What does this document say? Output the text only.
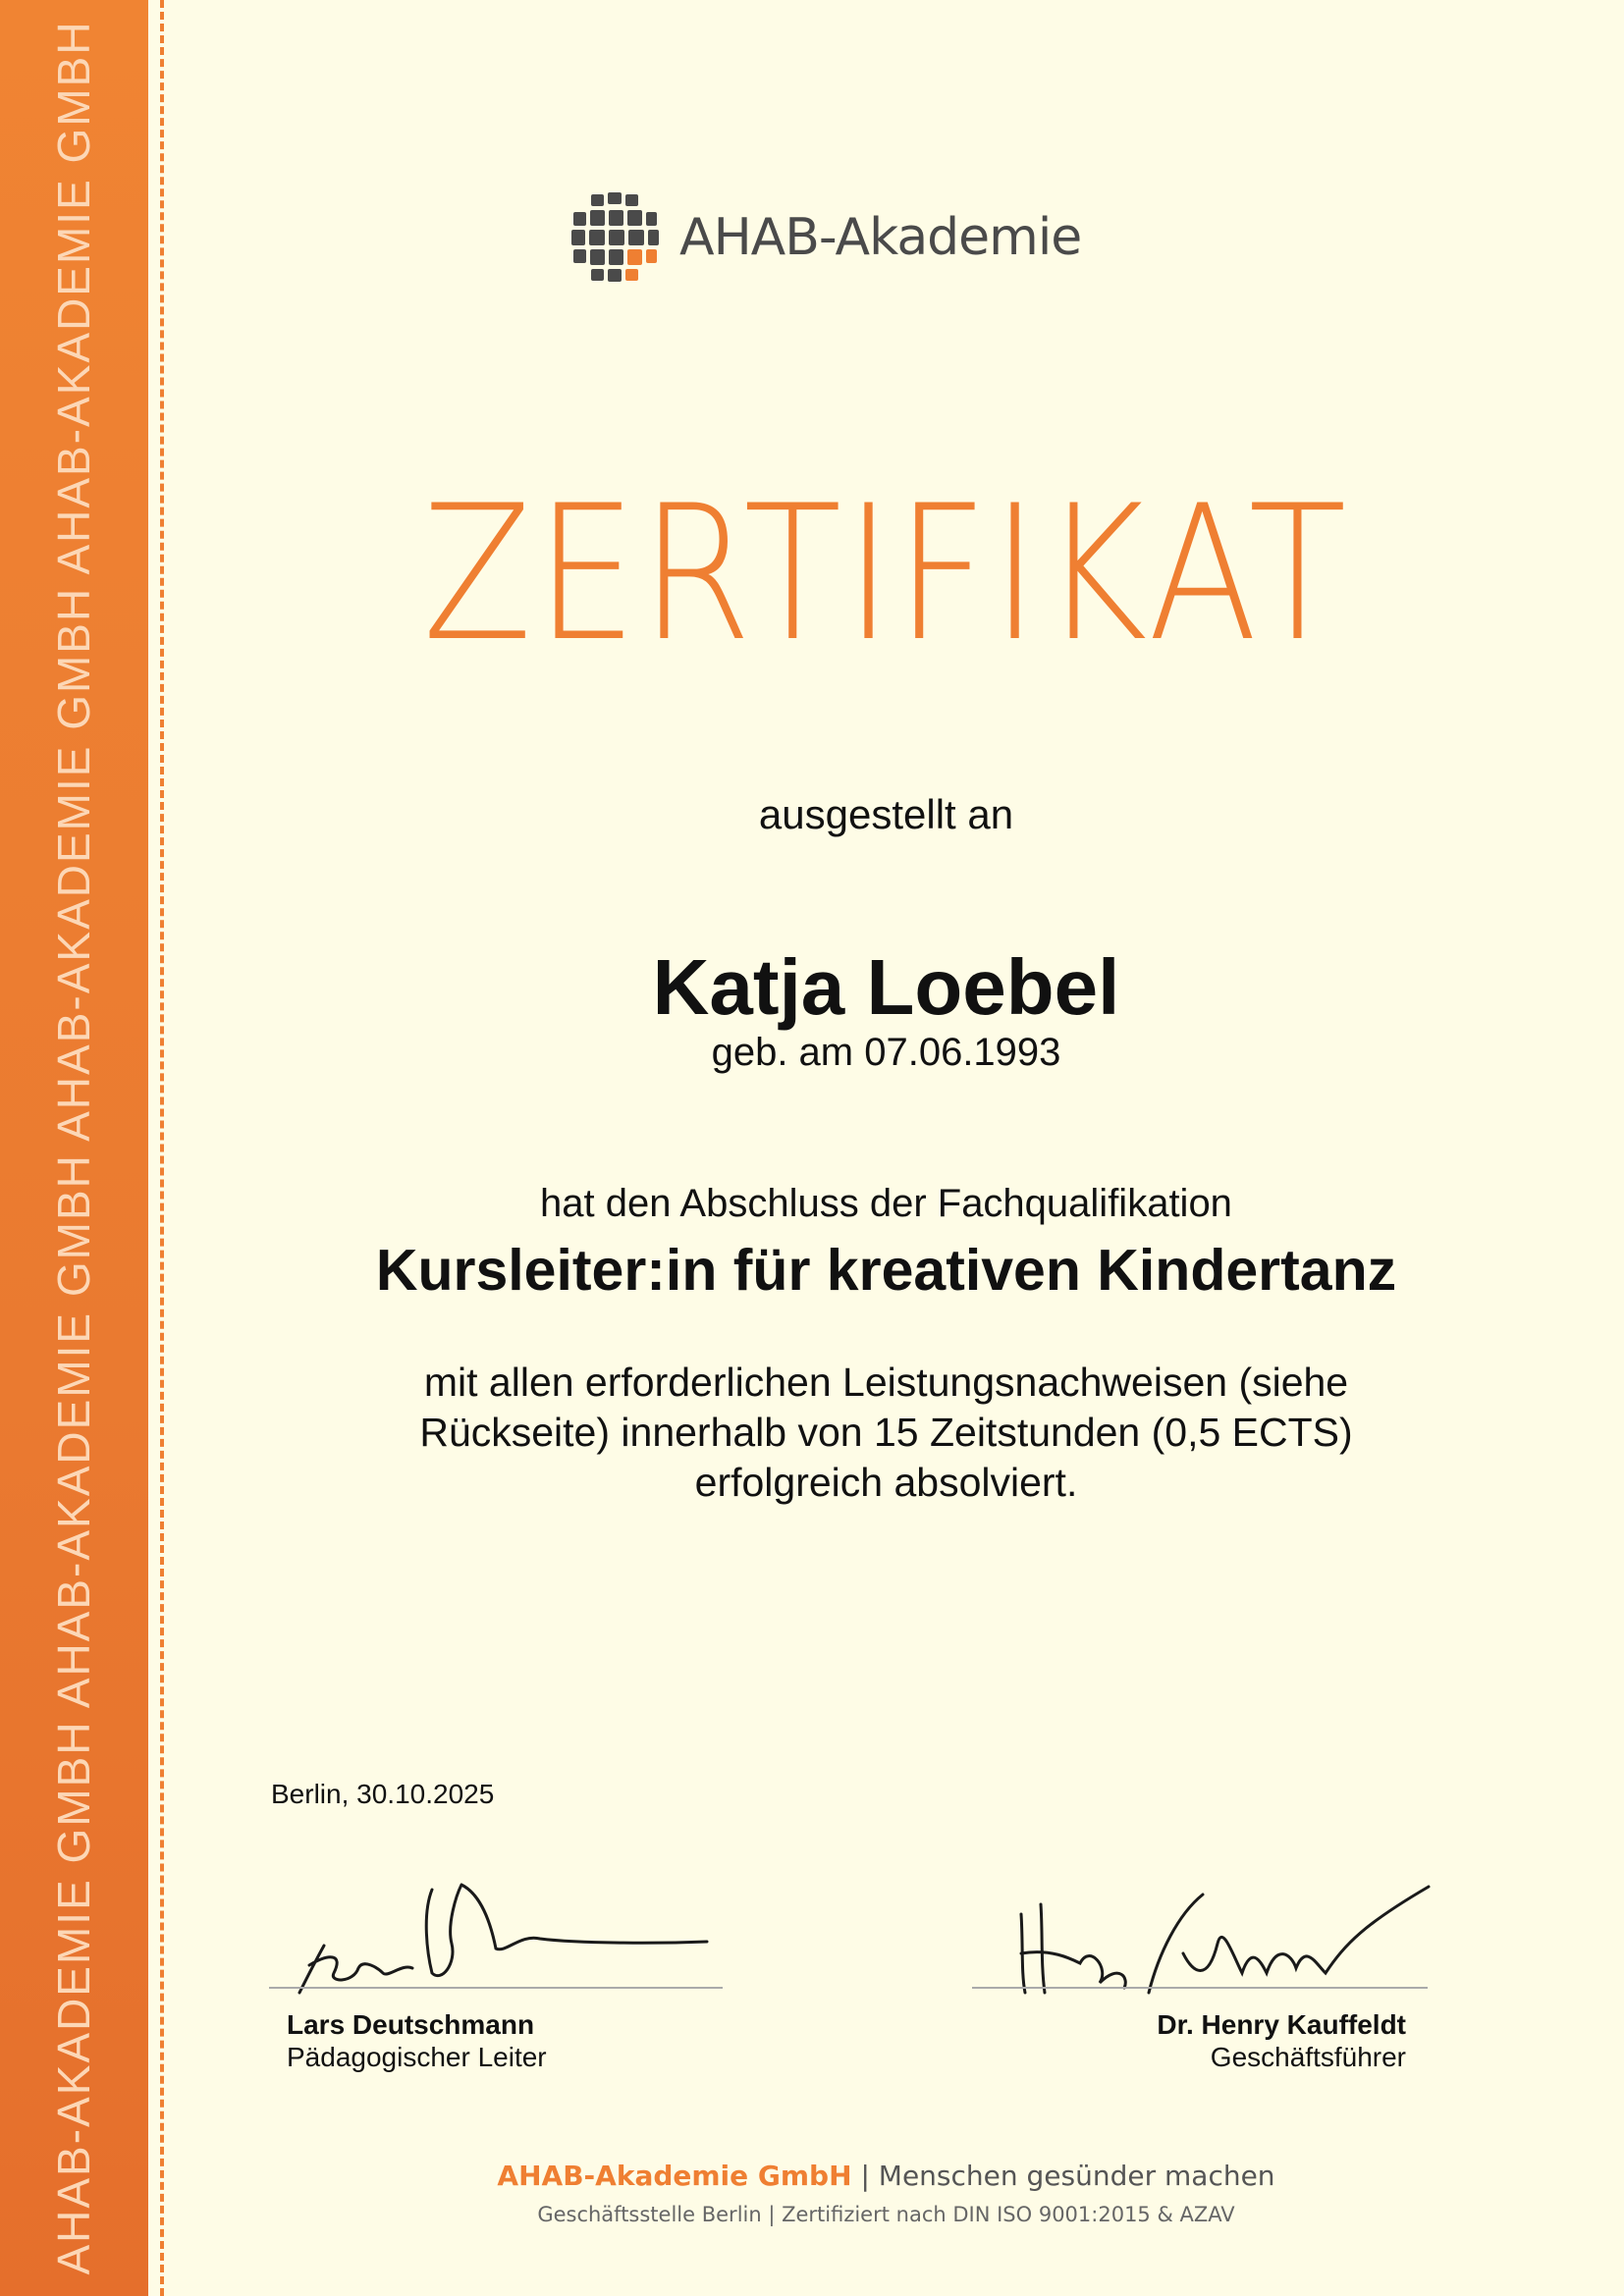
AHAB-AKADEMIE GMBH AHAB-AKADEMIE GMBH AHAB-AKADEMIE GMBH AHAB-AKADEMIE GMBH	AHAB-Akademie
ZERTIFIKAT
ausgestellt an
Katja Loebel
geb. am 07.06.1993
hat den Abschluss der Fachqualifikation
Kursleiter:in für kreativen Kindertanz
mit allen erforderlichen Leistungsnachweisen (siehe
Rückseite) innerhalb von 15 Zeitstunden (0,5 ECTS)
erfolgreich absolviert.
Berlin, 30.10.2025
Lars Deutschmann
Pädagogischer Leiter
Dr. Henry Kauffeldt
Geschäftsführer
AHAB-Akademie GmbH | Menschen gesünder machen
Geschäftsstelle Berlin | Zertifiziert nach DIN ISO 9001:2015 & AZAV
